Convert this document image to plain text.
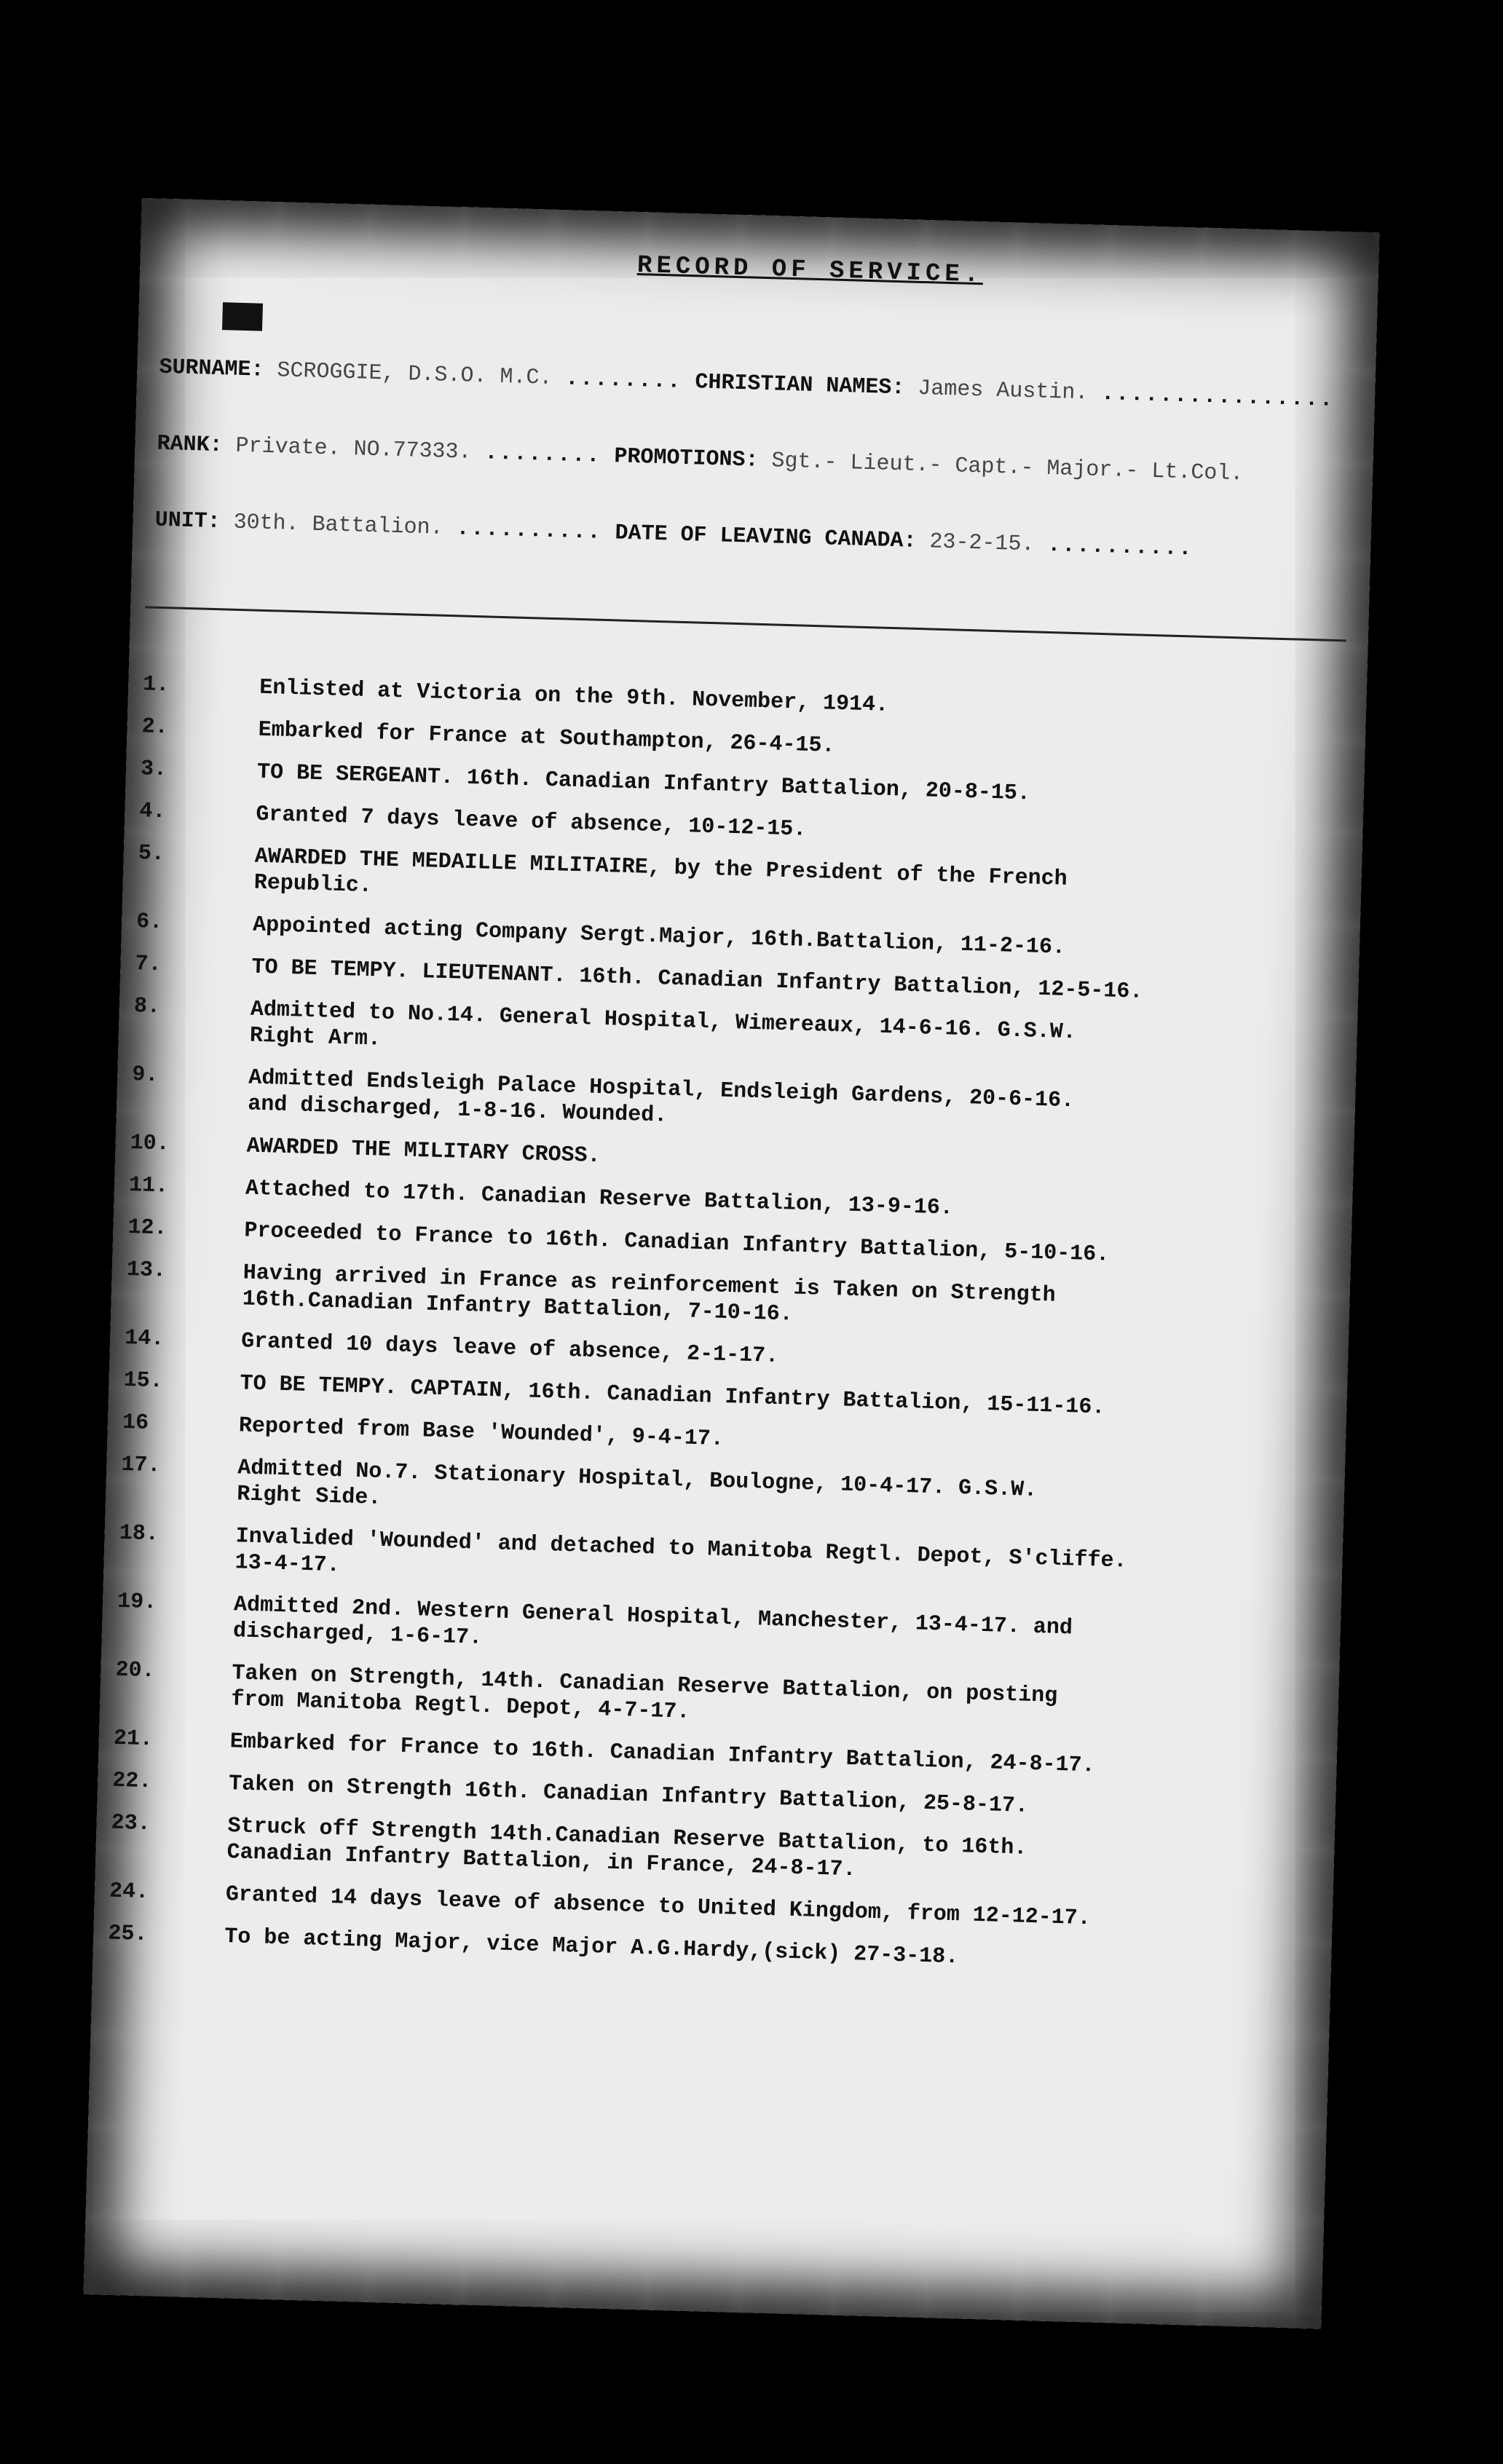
RECORD OF SERVICE.
SURNAME: SCROGGIE, D.S.O. M.C. ........ CHRISTIAN NAMES: James Austin. ................
RANK: Private. NO.77333. ........ PROMOTIONS: Sgt.- Lieut.- Capt.- Major.- Lt.Col.
UNIT: 30th. Battalion. .......... DATE OF LEAVING CANADA: 23-2-15. ..........
1.	Enlisted at Victoria on the 9th. November, 1914.
2.	Embarked for France at Southampton, 26-4-15.
3.	TO BE SERGEANT. 16th. Canadian Infantry Battalion, 20-8-15.
4.	Granted 7 days leave of absence, 10-12-15.
5.	AWARDED THE MEDAILLE MILITAIRE, by the President of the French
Republic.
6.	Appointed acting Company Sergt.Major, 16th.Battalion, 11-2-16.
7.	TO BE TEMPY. LIEUTENANT. 16th. Canadian Infantry Battalion, 12-5-16.
8.	Admitted to No.14. General Hospital, Wimereaux, 14-6-16. G.S.W.
Right Arm.
9.	Admitted Endsleigh Palace Hospital, Endsleigh Gardens, 20-6-16.
and discharged, 1-8-16. Wounded.
10.	AWARDED THE MILITARY CROSS.
11.	Attached to 17th. Canadian Reserve Battalion, 13-9-16.
12.	Proceeded to France to 16th. Canadian Infantry Battalion, 5-10-16.
13.	Having arrived in France as reinforcement is Taken on Strength
16th.Canadian Infantry Battalion, 7-10-16.
14.	Granted 10 days leave of absence, 2-1-17.
15.	TO BE TEMPY. CAPTAIN, 16th. Canadian Infantry Battalion, 15-11-16.
16	Reported from Base 'Wounded', 9-4-17.
17.	Admitted No.7. Stationary Hospital, Boulogne, 10-4-17. G.S.W.
Right Side.
18.	Invalided 'Wounded' and detached to Manitoba Regtl. Depot, S'cliffe.
13-4-17.
19.	Admitted 2nd. Western General Hospital, Manchester, 13-4-17. and
discharged, 1-6-17.
20.	Taken on Strength, 14th. Canadian Reserve Battalion, on posting
from Manitoba Regtl. Depot, 4-7-17.
21.	Embarked for France to 16th. Canadian Infantry Battalion, 24-8-17.
22.	Taken on Strength 16th. Canadian Infantry Battalion, 25-8-17.
23.	Struck off Strength 14th.Canadian Reserve Battalion, to 16th.
Canadian Infantry Battalion, in France, 24-8-17.
24.	Granted 14 days leave of absence to United Kingdom, from 12-12-17.
25.	To be acting Major, vice Major A.G.Hardy,(sick) 27-3-18.
